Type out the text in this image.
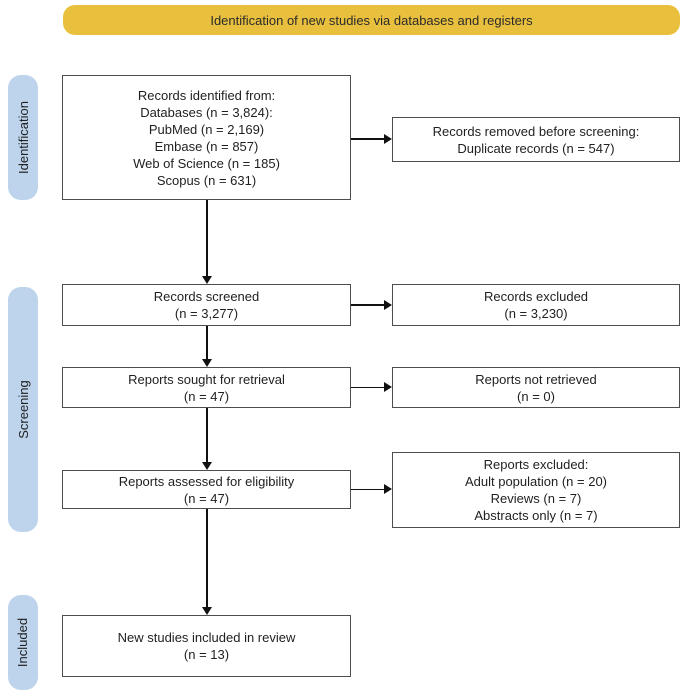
Identification of new studies via databases and registers
Identification
Screening
Included
Records identified from:
Databases (n = 3,824):
PubMed (n = 2,169)
Embase (n = 857)
Web of Science (n = 185)
Scopus (n = 631)
Records screened
(n = 3,277)
Reports sought for retrieval
(n = 47)
Reports assessed for eligibility
(n = 47)
New studies included in review
(n = 13)
Records removed before screening:
Duplicate records (n = 547)
Records excluded
(n = 3,230)
Reports not retrieved
(n = 0)
Reports excluded:
Adult population (n = 20)
Reviews (n = 7)
Abstracts only (n = 7)
